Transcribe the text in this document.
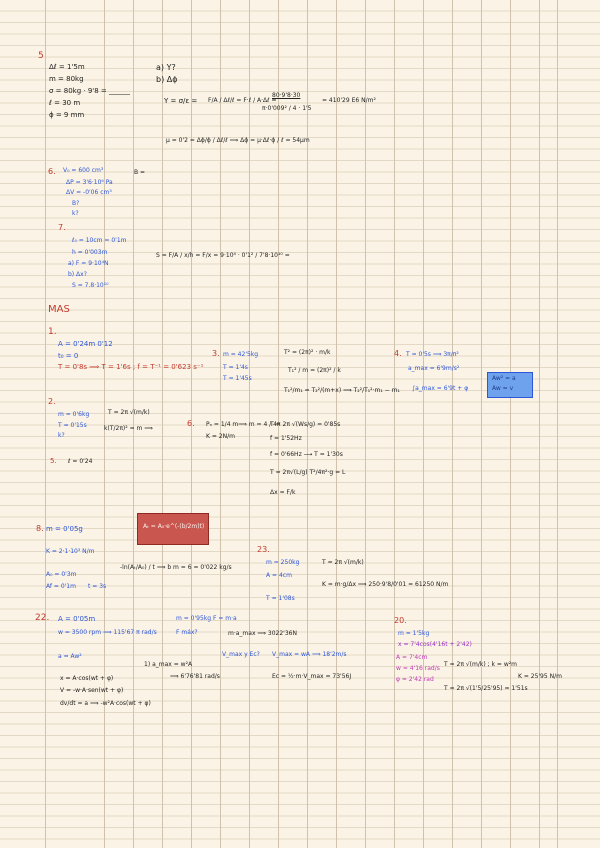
5
Δℓ = 1'5m
m = 80kg
σ = 80kg · 9'8 = ______
ℓ = 30 m
ϕ = 9 mm
a) Y?
b) Δϕ
Y = σ/ε = F/A / Δℓ/ℓ = F·ℓ / A·Δℓ =
80·9'8·30
π·0'009² / 4 · 1'5
= 410'29 E6 N/m²
μ = 0'2 = Δϕ/ϕ / Δℓ/ℓ ⟹ Δϕ = μ·Δℓ·ϕ / ℓ = 54μm
6. V₀ = 600 cm³
ΔP = 3'6·10⁶ Pa
ΔV = -0'06 cm³
B?
k?
B =
7.
ℓ₀ = 10cm = 0'1m
h = 0'003m
a) F = 9·10⁴N
b) Δx?
S = 7.8·10¹⁰
S = F/A / x/h = F/x = 9·10⁴ · 0'1² / 7'8·10¹⁰ =
MAS
1.
A = 0'24m 0'12
t₀ = 0
T = 0'8s ⟹ T = 1'6s ; f = T⁻¹ = 0'623 s⁻¹
3. m = 42'5kg
T = 1'4s
T = 1'45s
T² = (2π)² · m/k
T₁² / m = (2π)² / k
T₁²/m₁ = T₂²/(m+x) ⟹ T₂²/T₁²·m₁ − m₁
4. T = 0'5s ⟹ 3π/π²
a_max = 6'9m/s²
∫a_max = 6'9t + φ
Aw² = a
Aw = v
2.
m = 0'6kg
T = 0'15s
k?
T = 2π √(m/k)
k(T/2π)² = m ⟹
6. Pₙ = 1/4 m⟹ m = 4 / 4π
K = 2N/m
T = 2π √(Ws/g) = 0'85s
f = 1'52Hz
f = 0'66Hz ⟶ T = 1'30s
T = 2π√(L/g) T²/4π²·g = L
Δx = F/k
5. ℓ = 0'24
8. m = 0'05g	Aₜ = A₀·e^(-(b/2m)t)
K = 2·1·10³ N/m
A₀ = 0'3m
Af = 0'1m t = 3s
-ln(Aₜ/A₀) / t ⟹ b m = 6 = 0'022 kg/s
23.
m = 250kg
A = 4cm
T = 1'08s
T = 2π √(m/k)
K = m·g/Δx ⟹ 250·9'8/0'01 = 61250 N/m
22. A = 0'05m
w = 3500 rpm ⟹ 115'67 π rad/s
m = 0'95kg F = m·a
F máx?	m·a_max ⟹ 3022'36N
a = Aw²	V_max y Ec? V_max = wA ⟹ 18'2m/s
1) a_max = w²A
⟹ 6'76'81 rad/s
x = A·cos(wt + φ)	Ec = ½·m·V_max = 73'56J
V = -w·A·sen(wt + φ)
dv/dt = a ⟹ -w²A·cos(wt + φ)
20.
m = 1'5kg
x = 7'4cos(4'16t + 2'42)
A = 7'4cm
w = 4'16 rad/s
φ = 2'42 rad
T = 2π √(m/k) ; k = w²m
K = 25'95 N/m
T = 2π √(1'5/25'95) = 1'51s
